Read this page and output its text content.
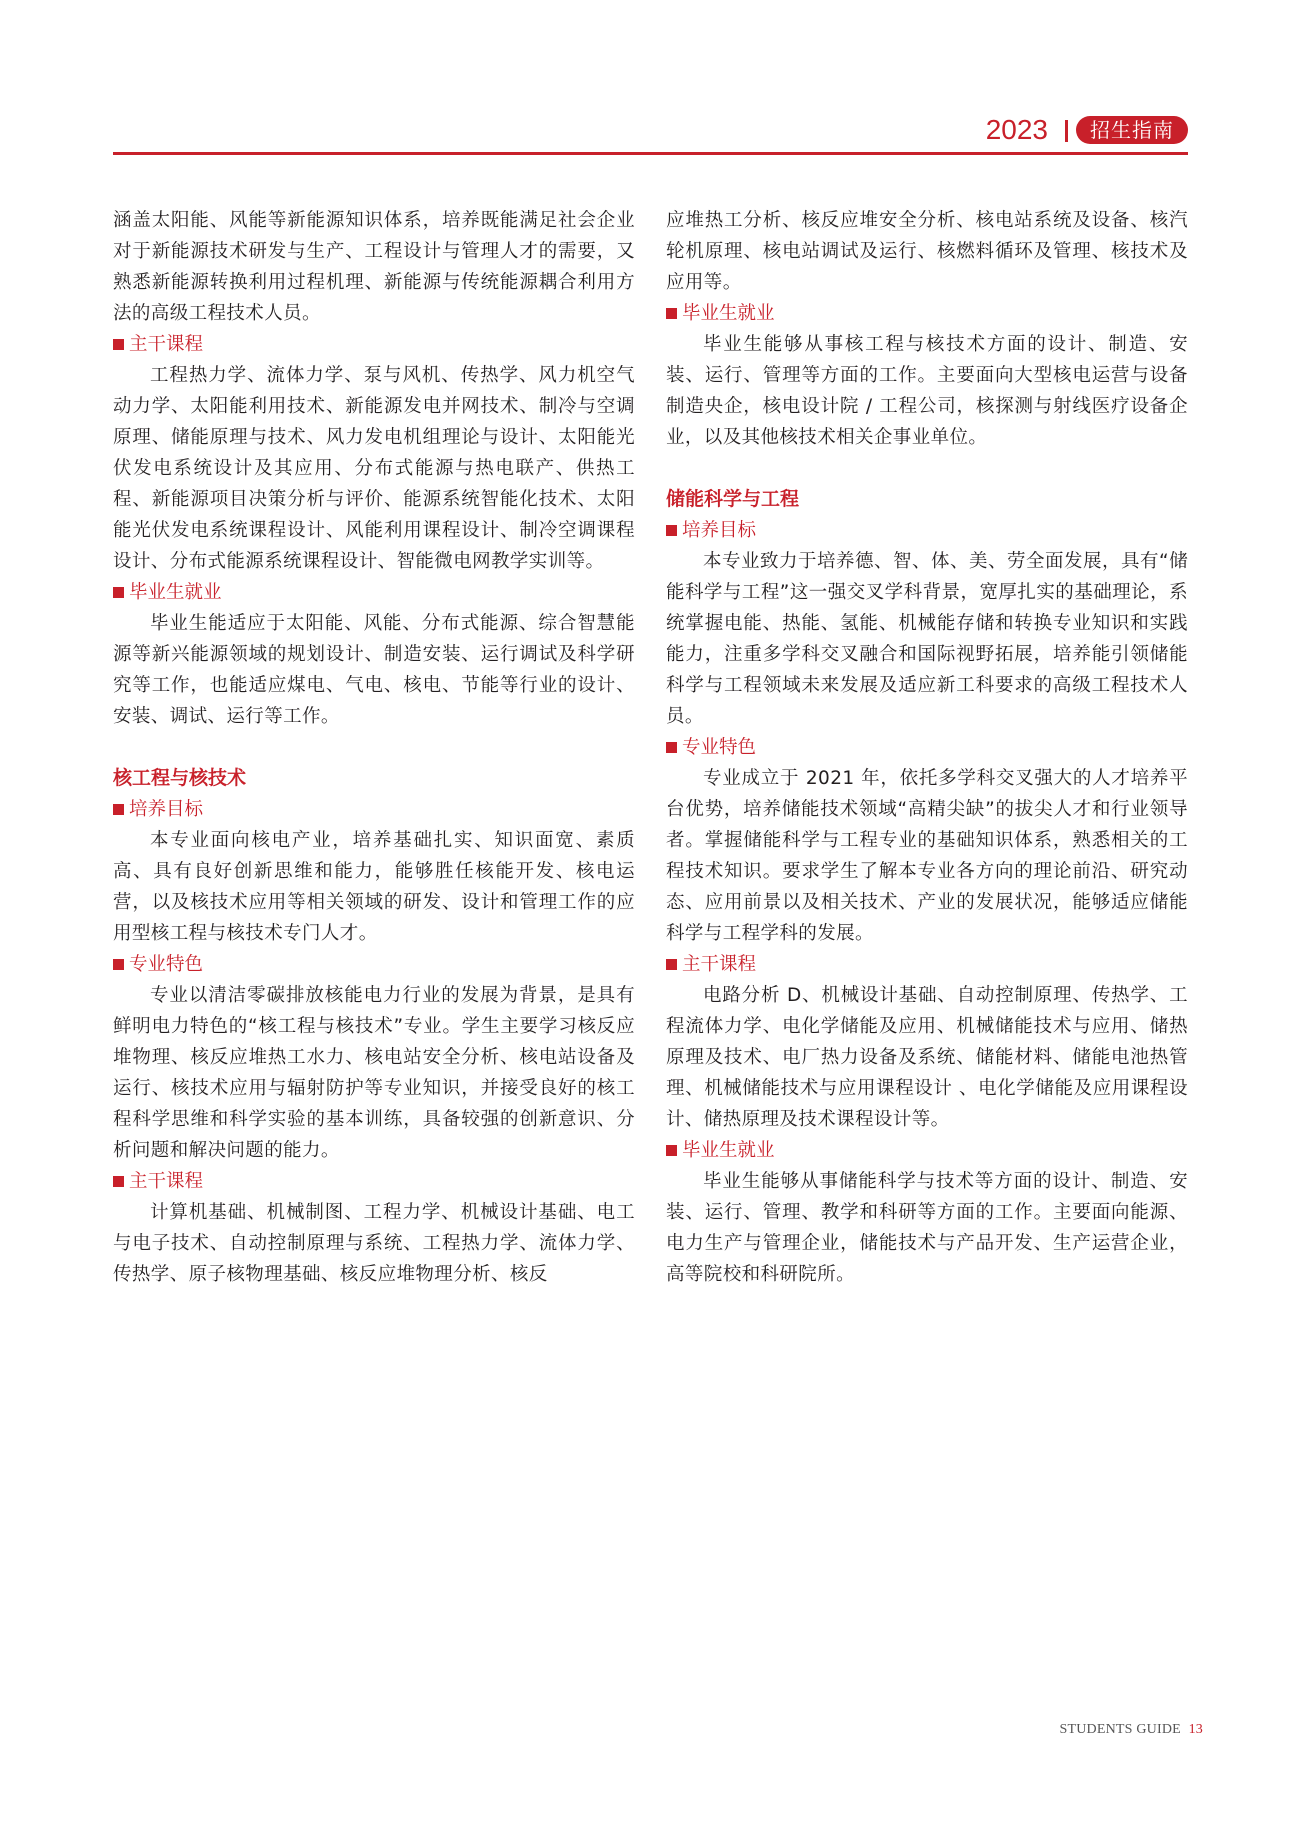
2023	招生指南

涵盖太阳能、风能等新能源知识体系，培养既能满足社会企业对于新能源技术研发与生产、工程设计与管理人才的需要，又熟悉新能源转换利用过程机理、新能源与传统能源耦合利用方法的高级工程技术人员。

主干课程

工程热力学、流体力学、泵与风机、传热学、风力机空气动力学、太阳能利用技术、新能源发电并网技术、制冷与空调原理、储能原理与技术、风力发电机组理论与设计、太阳能光伏发电系统设计及其应用、分布式能源与热电联产、供热工程、新能源项目决策分析与评价、能源系统智能化技术、太阳能光伏发电系统课程设计、风能利用课程设计、制冷空调课程设计、分布式能源系统课程设计、智能微电网教学实训等。

毕业生就业

毕业生能适应于太阳能、风能、分布式能源、综合智慧能源等新兴能源领域的规划设计、制造安装、运行调试及科学研究等工作，也能适应煤电、气电、核电、节能等行业的设计、安装、调试、运行等工作。

核工程与核技术

培养目标

本专业面向核电产业，培养基础扎实、知识面宽、素质高、具有良好创新思维和能力，能够胜任核能开发、核电运营，以及核技术应用等相关领域的研发、设计和管理工作的应用型核工程与核技术专门人才。

专业特色

专业以清洁零碳排放核能电力行业的发展为背景，是具有鲜明电力特色的“核工程与核技术”专业。学生主要学习核反应堆物理、核反应堆热工水力、核电站安全分析、核电站设备及运行、核技术应用与辐射防护等专业知识，并接受良好的核工程科学思维和科学实验的基本训练，具备较强的创新意识、分析问题和解决问题的能力。

主干课程

计算机基础、机械制图、工程力学、机械设计基础、电工与电子技术、自动控制原理与系统、工程热力学、流体力学、传热学、原子核物理基础、核反应堆物理分析、核反

应堆热工分析、核反应堆安全分析、核电站系统及设备、核汽轮机原理、核电站调试及运行、核燃料循环及管理、核技术及应用等。

毕业生就业

毕业生能够从事核工程与核技术方面的设计、制造、安装、运行、管理等方面的工作。主要面向大型核电运营与设备制造央企，核电设计院 / 工程公司，核探测与射线医疗设备企业，以及其他核技术相关企事业单位。

储能科学与工程

培养目标

本专业致力于培养德、智、体、美、劳全面发展，具有“储能科学与工程”这一强交叉学科背景，宽厚扎实的基础理论，系统掌握电能、热能、氢能、机械能存储和转换专业知识和实践能力，注重多学科交叉融合和国际视野拓展，培养能引领储能科学与工程领域未来发展及适应新工科要求的高级工程技术人员。

专业特色

专业成立于 2021 年，依托多学科交叉强大的人才培养平台优势，培养储能技术领域“高精尖缺”的拔尖人才和行业领导者。掌握储能科学与工程专业的基础知识体系，熟悉相关的工程技术知识。要求学生了解本专业各方向的理论前沿、研究动态、应用前景以及相关技术、产业的发展状况，能够适应储能科学与工程学科的发展。

主干课程

电路分析 D、机械设计基础、自动控制原理、传热学、工程流体力学、电化学储能及应用、机械储能技术与应用、储热原理及技术、电厂热力设备及系统、储能材料、储能电池热管理、机械储能技术与应用课程设计 、电化学储能及应用课程设计、储热原理及技术课程设计等。

毕业生就业

毕业生能够从事储能科学与技术等方面的设计、制造、安装、运行、管理、教学和科研等方面的工作。主要面向能源、电力生产与管理企业，储能技术与产品开发、生产运营企业，高等院校和科研院所。

STUDENTS GUIDE 13
